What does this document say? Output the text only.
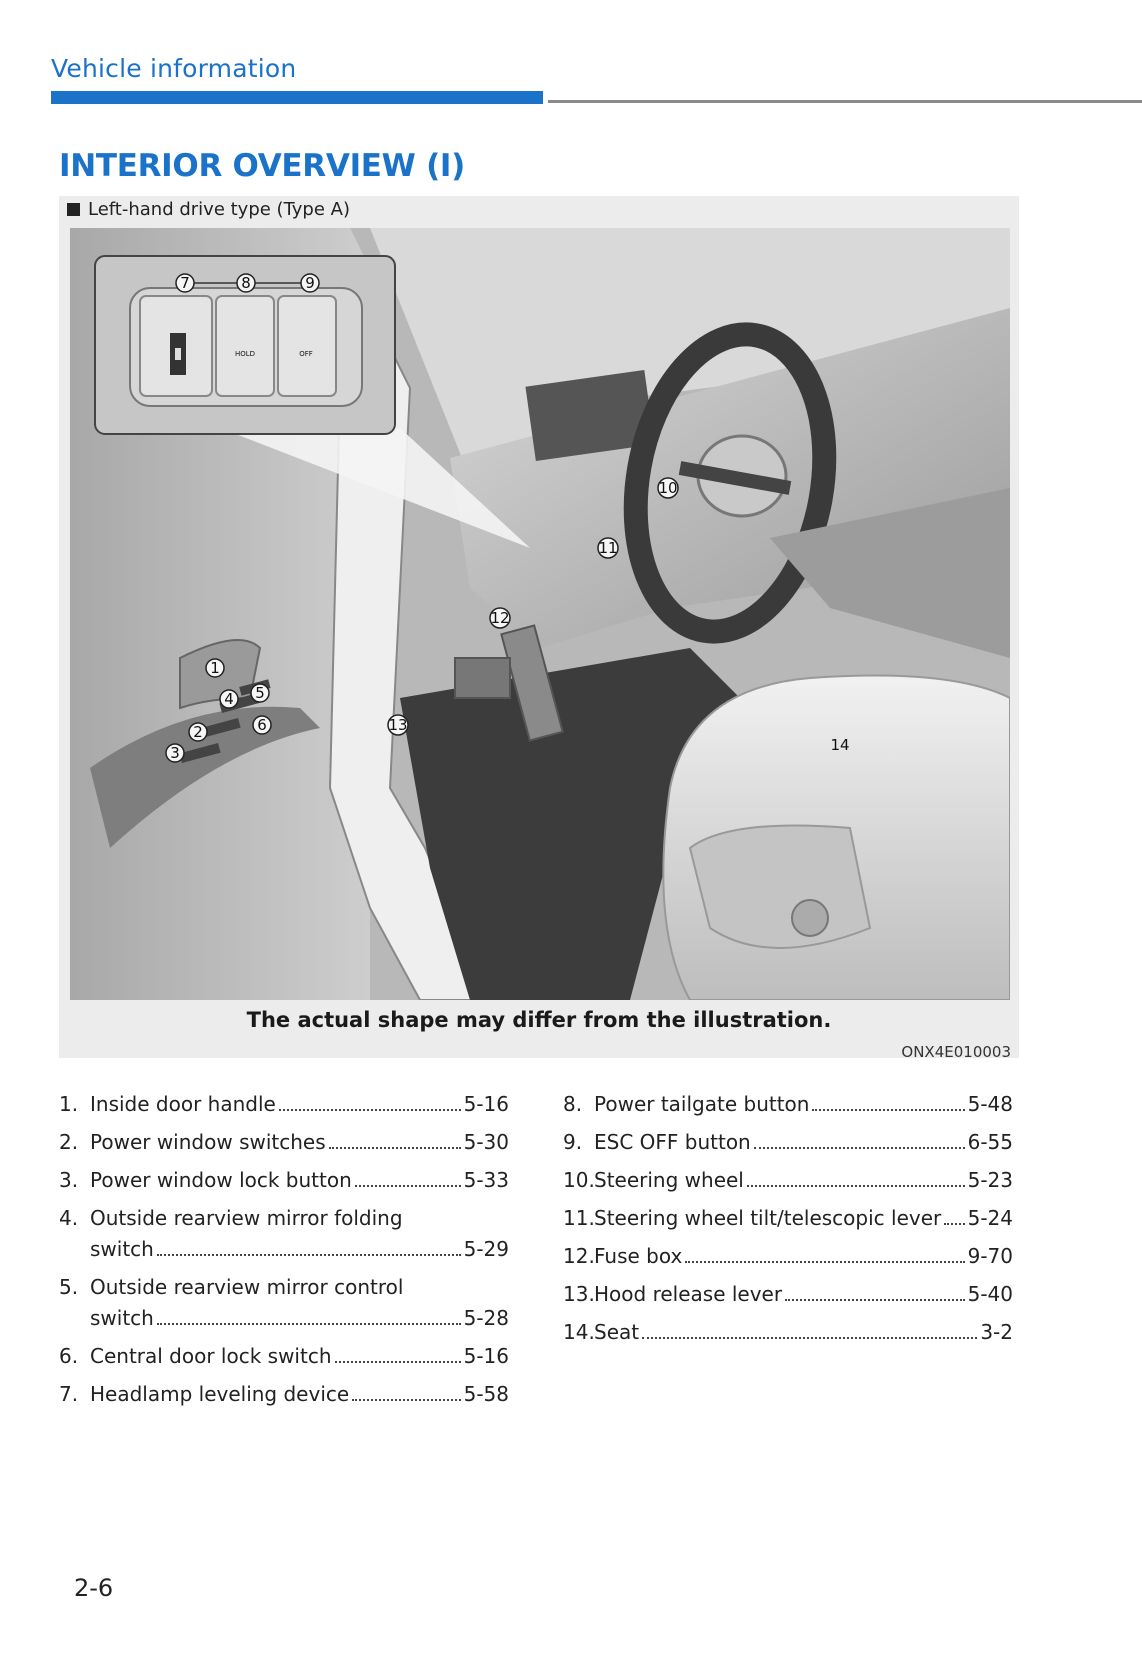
Vehicle information
INTERIOR OVERVIEW (I)
Left-hand drive type (Type A)
HOLD	OFF
7	8	9
1
2
3
4 5
6
10
11
12
13
14
The actual shape may differ from the illustration.
ONX4E010003
1. Inside door handle	5-16
2. Power window switches	5-30
3. Power window lock button	5-33
4. Outside rearview mirror folding
switch	5-29
5. Outside rearview mirror control
switch	5-28
6. Central door lock switch	5-16
7. Headlamp leveling device	5-58
8. Power tailgate button	5-48
9. ESC OFF button	6-55
10. Steering wheel	5-23
11. Steering wheel tilt/telescopic lever 5-24
12. Fuse box	9-70
13. Hood release lever	5-40
14. Seat	3-2
2-6
